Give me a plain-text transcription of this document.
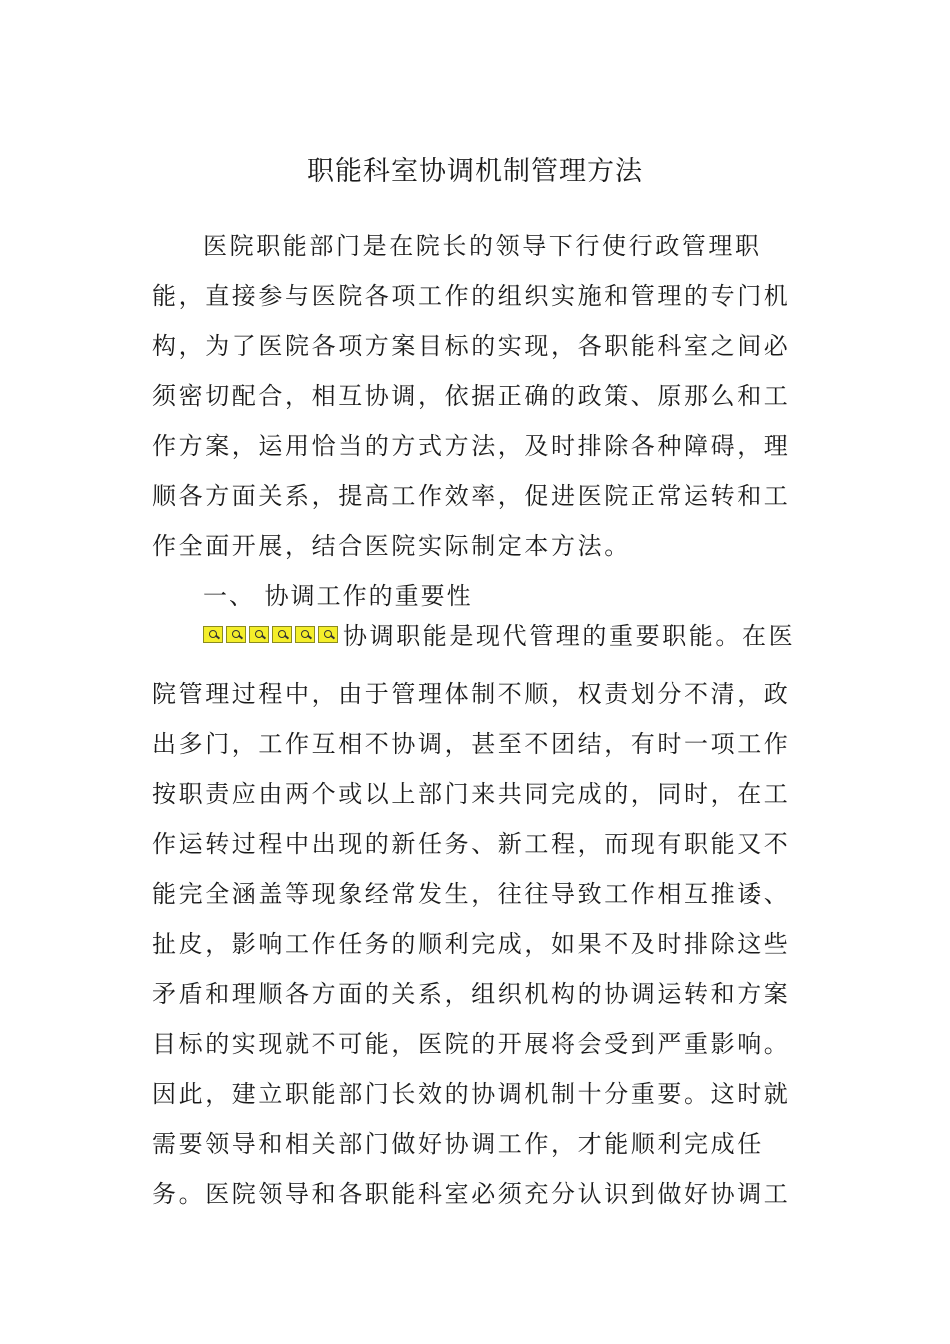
职能科室协调机制管理方法
医院职能部门是在院长的领导下行使行政管理职
能，直接参与医院各项工作的组织实施和管理的专门机
构，为了医院各项方案目标的实现，各职能科室之间必
须密切配合，相互协调，依据正确的政策、原那么和工
作方案，运用恰当的方式方法，及时排除各种障碍，理
顺各方面关系，提高工作效率，促进医院正常运转和工
作全面开展，结合医院实际制定本方法。
一、 协调工作的重要性
协调职能是现代管理的重要职能。在医
院管理过程中，由于管理体制不顺，权责划分不清，政
出多门，工作互相不协调，甚至不团结，有时一项工作
按职责应由两个或以上部门来共同完成的，同时，在工
作运转过程中出现的新任务、新工程，而现有职能又不
能完全涵盖等现象经常发生，往往导致工作相互推诿、
扯皮，影响工作任务的顺利完成，如果不及时排除这些
矛盾和理顺各方面的关系，组织机构的协调运转和方案
目标的实现就不可能，医院的开展将会受到严重影响。
因此，建立职能部门长效的协调机制十分重要。这时就
需要领导和相关部门做好协调工作，才能顺利完成任
务。医院领导和各职能科室必须充分认识到做好协调工
